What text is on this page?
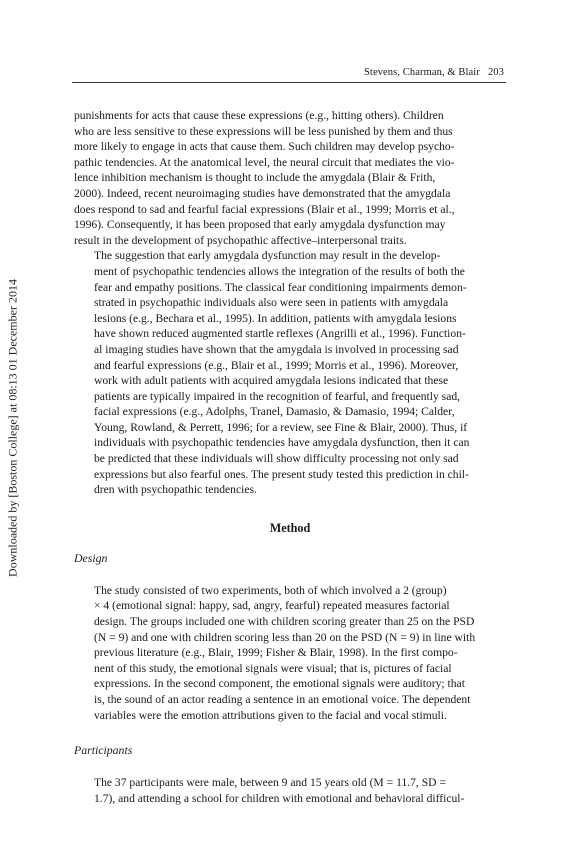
Stevens, Charman, & Blair 203
Downloaded by [Boston College] at 08:13 01 December 2014

punishments for acts that cause these expressions (e.g., hitting others). Children
who are less sensitive to these expressions will be less punished by them and thus
more likely to engage in acts that cause them. Such children may develop psycho-
pathic tendencies. At the anatomical level, the neural circuit that mediates the vio-
lence inhibition mechanism is thought to include the amygdala (Blair & Frith,
2000). Indeed, recent neuroimaging studies have demonstrated that the amygdala
does respond to sad and fearful facial expressions (Blair et al., 1999; Morris et al.,
1996). Consequently, it has been proposed that early amygdala dysfunction may
result in the development of psychopathic affective–interpersonal traits.

The suggestion that early amygdala dysfunction may result in the develop-
ment of psychopathic tendencies allows the integration of the results of both the
fear and empathy positions. The classical fear conditioning impairments demon-
strated in psychopathic individuals also were seen in patients with amygdala
lesions (e.g., Bechara et al., 1995). In addition, patients with amygdala lesions
have shown reduced augmented startle reflexes (Angrilli et al., 1996). Function-
al imaging studies have shown that the amygdala is involved in processing sad
and fearful expressions (e.g., Blair et al., 1999; Morris et al., 1996). Moreover,
work with adult patients with acquired amygdala lesions indicated that these
patients are typically impaired in the recognition of fearful, and frequently sad,
facial expressions (e.g., Adolphs, Tranel, Damasio, & Damasio, 1994; Calder,
Young, Rowland, & Perrett, 1996; for a review, see Fine & Blair, 2000). Thus, if
individuals with psychopathic tendencies have amygdala dysfunction, then it can
be predicted that these individuals will show difficulty processing not only sad
expressions but also fearful ones. The present study tested this prediction in chil-
dren with psychopathic tendencies.

Method
Design

The study consisted of two experiments, both of which involved a 2 (group)
× 4 (emotional signal: happy, sad, angry, fearful) repeated measures factorial
design. The groups included one with children scoring greater than 25 on the PSD
(N = 9) and one with children scoring less than 20 on the PSD (N = 9) in line with
previous literature (e.g., Blair, 1999; Fisher & Blair, 1998). In the first compo-
nent of this study, the emotional signals were visual; that is, pictures of facial
expressions. In the second component, the emotional signals were auditory; that
is, the sound of an actor reading a sentence in an emotional voice. The dependent
variables were the emotion attributions given to the facial and vocal stimuli.

Participants

The 37 participants were male, between 9 and 15 years old (M = 11.7, SD =
1.7), and attending a school for children with emotional and behavioral difficul-
